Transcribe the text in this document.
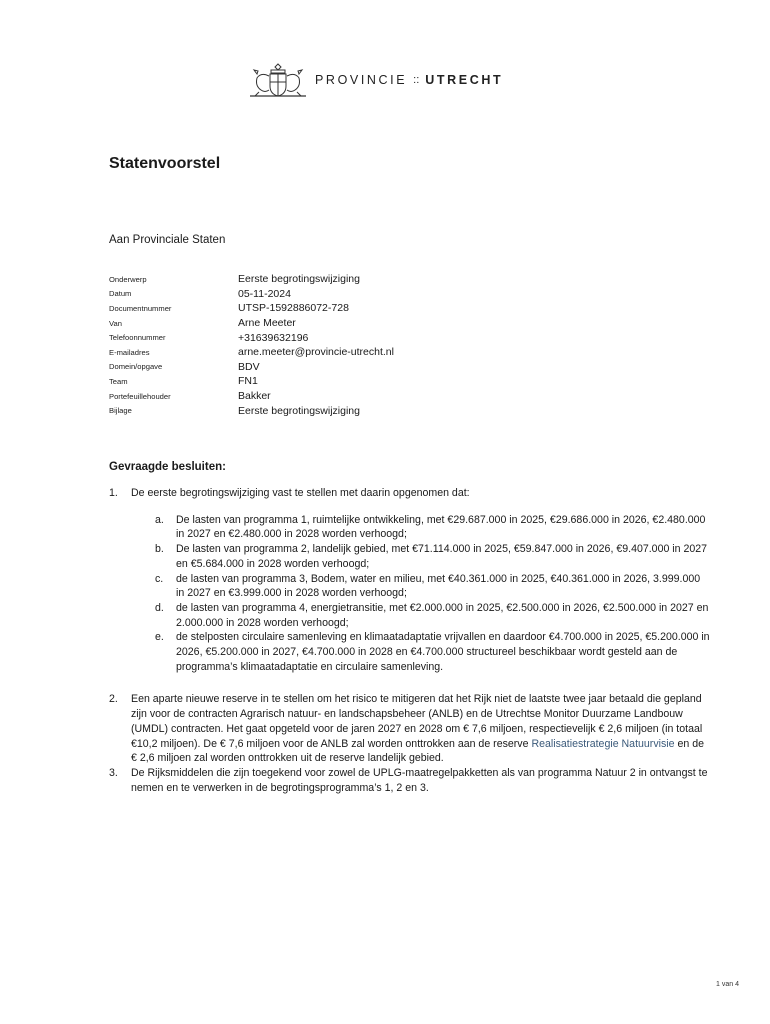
PROVINCIE :: UTRECHT
Statenvoorstel
Aan Provinciale Staten
Onderwerp	Eerste begrotingswijziging
Datum	05-11-2024
Documentnummer	UTSP-1592886072-728
Van	Arne Meeter
Telefoonnummer	+31639632196
E-mailadres	arne.meeter@provincie-utrecht.nl
Domein/opgave	BDV
Team	FN1
Portefeuillehouder	Bakker
Bijlage	Eerste begrotingswijziging
Gevraagde besluiten:
1.	De eerste begrotingswijziging vast te stellen met daarin opgenomen dat:
a.	De lasten van programma 1, ruimtelijke ontwikkeling, met €29.687.000 in 2025, €29.686.000 in 2026, €2.480.000 in 2027 en €2.480.000 in 2028 worden verhoogd;
b.	De lasten van programma 2, landelijk gebied, met €71.114.000 in 2025, €59.847.000 in 2026, €9.407.000 in 2027 en €5.684.000 in 2028 worden verhoogd;
c.	de lasten van programma 3, Bodem, water en milieu, met €40.361.000 in 2025, €40.361.000 in 2026, 3.999.000 in 2027 en €3.999.000 in 2028 worden verhoogd;
d.	de lasten van programma 4, energietransitie, met €2.000.000 in 2025, €2.500.000 in 2026, €2.500.000 in 2027 en 2.000.000 in 2028 worden verhoogd;
e.	de stelposten circulaire samenleving en klimaatadaptatie vrijvallen en daardoor €4.700.000 in 2025, €5.200.000 in 2026, €5.200.000 in 2027, €4.700.000 in 2028 en €4.700.000 structureel beschikbaar wordt gesteld aan de programma’s klimaatadaptatie en circulaire samenleving.
2.	Een aparte nieuwe reserve in te stellen om het risico te mitigeren dat het Rijk niet de laatste twee jaar betaald die gepland zijn voor de contracten Agrarisch natuur- en landschapsbeheer (ANLB) en de Utrechtse Monitor Duurzame Landbouw (UMDL) contracten. Het gaat opgeteld voor de jaren 2027 en 2028 om € 7,6 miljoen, respectievelijk € 2,6 miljoen (in totaal €10,2 miljoen). De € 7,6 miljoen voor de ANLB zal worden onttrokken aan de reserve Realisatiestrategie Natuurvisie en de € 2,6 miljoen zal worden onttrokken uit de reserve landelijk gebied.
3.	De Rijksmiddelen die zijn toegekend voor zowel de UPLG-maatregelpakketten als van programma Natuur 2 in ontvangst te nemen en te verwerken in de begrotingsprogramma’s 1, 2 en 3.
1 van 4
